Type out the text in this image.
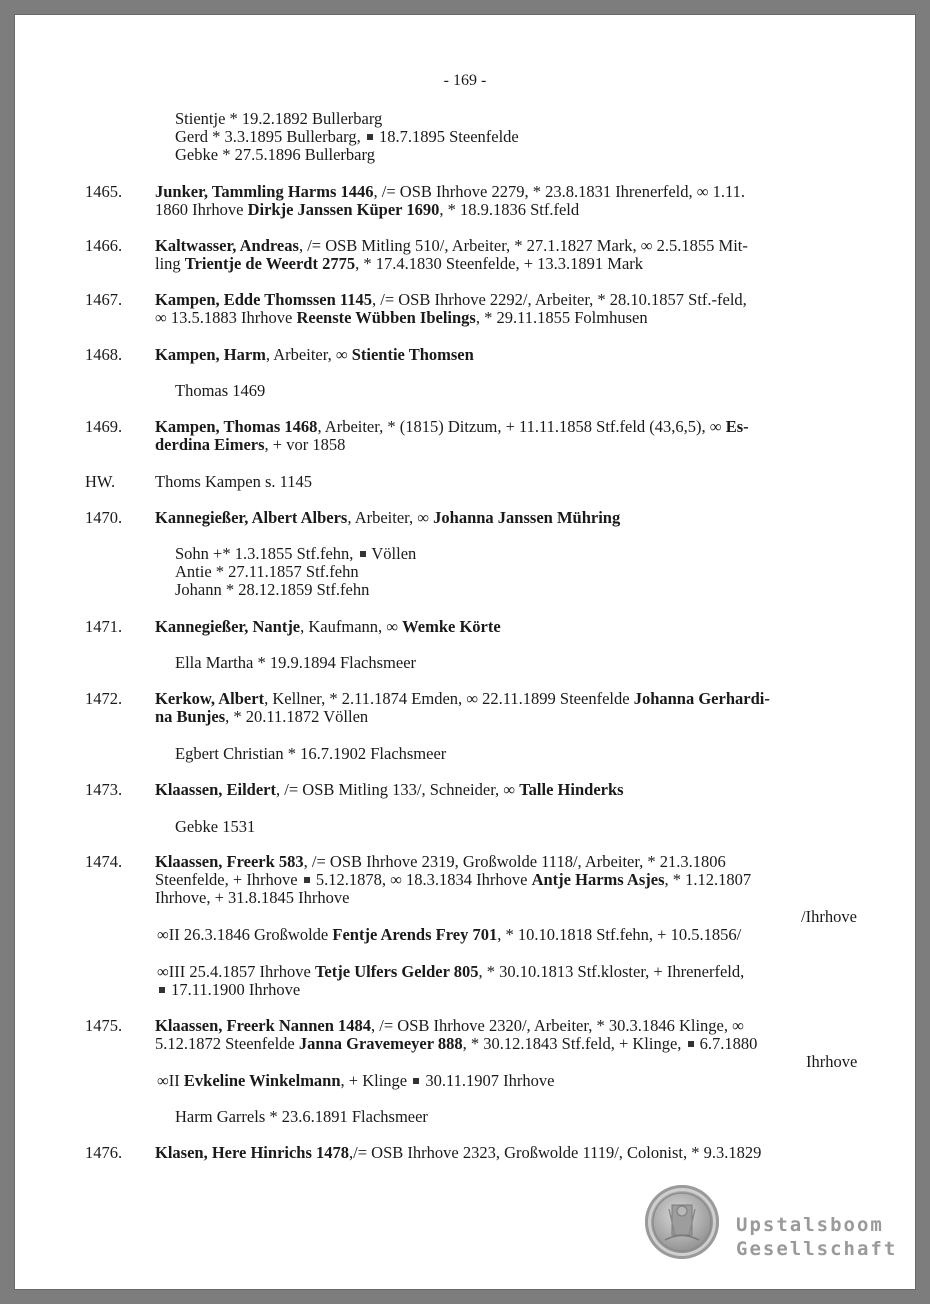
- 169 -
Stientje * 19.2.1892 Bullerbarg
Gerd * 3.3.1895 Bullerbarg,  18.7.1895 Steenfelde
Gebke * 27.5.1896 Bullerbarg
1465. Junker, Tammling Harms 1446, /= OSB Ihrhove 2279, * 23.8.1831 Ihrenerfeld, ∞ 1.11.
1860 Ihrhove Dirkje Janssen Küper 1690, * 18.9.1836 Stf.feld
1466. Kaltwasser, Andreas, /= OSB Mitling 510/, Arbeiter, * 27.1.1827 Mark, ∞ 2.5.1855 Mit-
ling Trientje de Weerdt 2775, * 17.4.1830 Steenfelde, + 13.3.1891 Mark
1467. Kampen, Edde Thomssen 1145, /= OSB Ihrhove 2292/, Arbeiter, * 28.10.1857 Stf.-feld,
∞ 13.5.1883 Ihrhove Reenste Wübben Ibelings, * 29.11.1855 Folmhusen
1468. Kampen, Harm, Arbeiter, ∞ Stientie Thomsen
Thomas 1469
1469. Kampen, Thomas 1468, Arbeiter, * (1815) Ditzum, + 11.11.1858 Stf.feld (43,6,5), ∞ Es-
derdina Eimers, + vor 1858
HW. Thoms Kampen s. 1145
1470. Kannegießer, Albert Albers, Arbeiter, ∞ Johanna Janssen Mühring
Sohn +* 1.3.1855 Stf.fehn,  Völlen
Antie * 27.11.1857 Stf.fehn
Johann * 28.12.1859 Stf.fehn
1471. Kannegießer, Nantje, Kaufmann, ∞ Wemke Körte
Ella Martha * 19.9.1894 Flachsmeer
1472. Kerkow, Albert, Kellner, * 2.11.1874 Emden, ∞ 22.11.1899 Steenfelde Johanna Gerhardi-
na Bunjes, * 20.11.1872 Völlen
Egbert Christian * 16.7.1902 Flachsmeer
1473. Klaassen, Eildert, /= OSB Mitling 133/, Schneider, ∞ Talle Hinderks
Gebke 1531
1474. Klaassen, Freerk 583, /= OSB Ihrhove 2319, Großwolde 1118/, Arbeiter, * 21.3.1806
Steenfelde, + Ihrhove  5.12.1878, ∞ 18.3.1834 Ihrhove Antje Harms Asjes, * 1.12.1807
Ihrhove, + 31.8.1845 Ihrhove
/Ihrhove
∞II 26.3.1846 Großwolde Fentje Arends Frey 701, * 10.10.1818 Stf.fehn, + 10.5.1856/
∞III 25.4.1857 Ihrhove Tetje Ulfers Gelder 805, * 30.10.1813 Stf.kloster, + Ihrenerfeld,
17.11.1900 Ihrhove
1475. Klaassen, Freerk Nannen 1484, /= OSB Ihrhove 2320/, Arbeiter, * 30.3.1846 Klinge, ∞
5.12.1872 Steenfelde Janna Gravemeyer 888, * 30.12.1843 Stf.feld, + Klinge,  6.7.1880
Ihrhove
∞II Evkeline Winkelmann, + Klinge  30.11.1907 Ihrhove
Harm Garrels * 23.6.1891 Flachsmeer
1476. Klasen, Here Hinrichs 1478,/= OSB Ihrhove 2323, Großwolde 1119/, Colonist, * 9.3.1829
Upstalsboom
Gesellschaft
